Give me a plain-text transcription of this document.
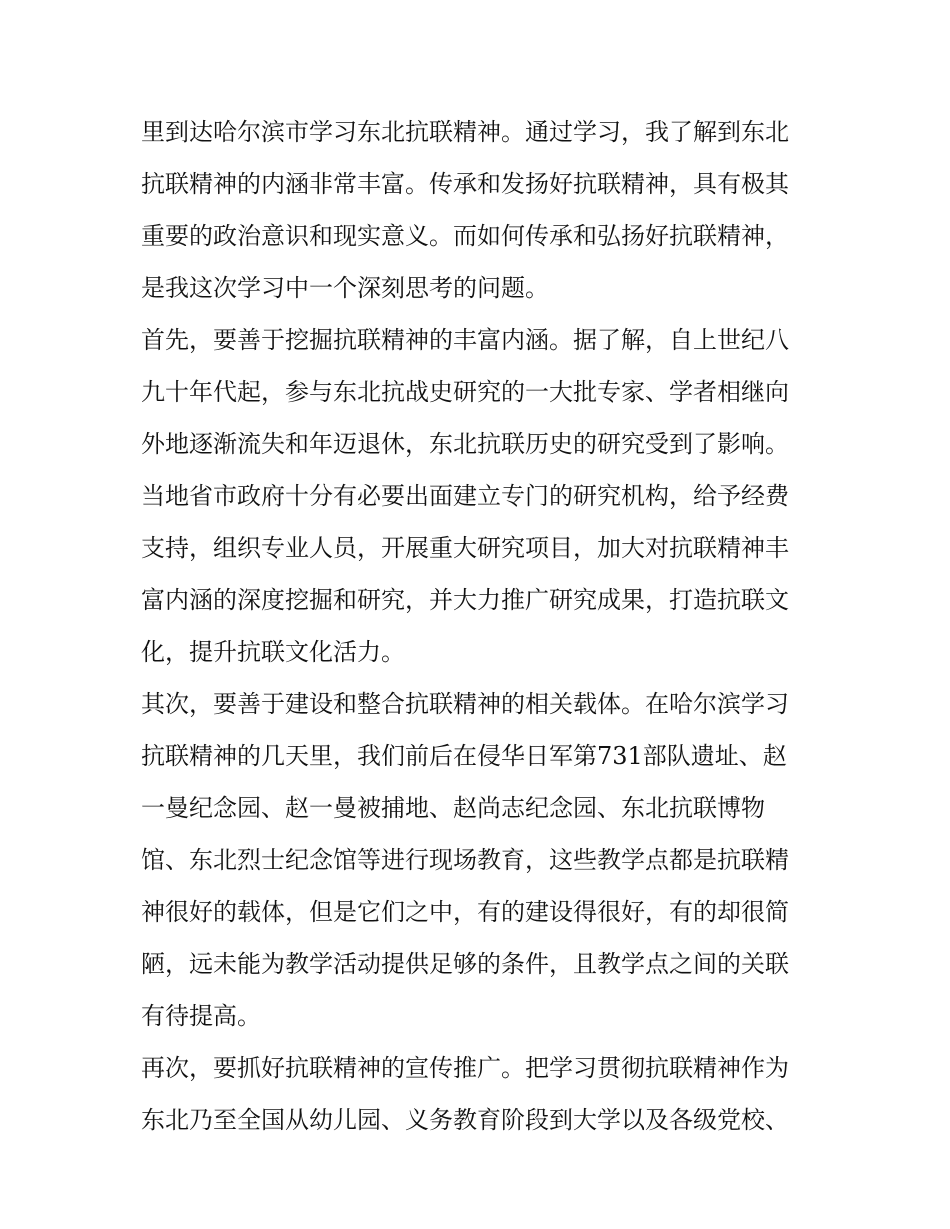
里到达哈尔滨市学习东北抗联精神。通过学习，我了解到东北
抗联精神的内涵非常丰富。传承和发扬好抗联精神，具有极其
重要的政治意识和现实意义。而如何传承和弘扬好抗联精神，
是我这次学习中一个深刻思考的问题。
首先，要善于挖掘抗联精神的丰富内涵。据了解，自上世纪八
九十年代起，参与东北抗战史研究的一大批专家、学者相继向
外地逐渐流失和年迈退休，东北抗联历史的研究受到了影响。
当地省市政府十分有必要出面建立专门的研究机构，给予经费
支持，组织专业人员，开展重大研究项目，加大对抗联精神丰
富内涵的深度挖掘和研究，并大力推广研究成果，打造抗联文
化，提升抗联文化活力。
其次，要善于建设和整合抗联精神的相关载体。在哈尔滨学习
抗联精神的几天里，我们前后在侵华日军第731部队遗址、赵
一曼纪念园、赵一曼被捕地、赵尚志纪念园、东北抗联博物
馆、东北烈士纪念馆等进行现场教育，这些教学点都是抗联精
神很好的载体，但是它们之中，有的建设得很好，有的却很简
陋，远未能为教学活动提供足够的条件，且教学点之间的关联
有待提高。
再次，要抓好抗联精神的宣传推广。把学习贯彻抗联精神作为
东北乃至全国从幼儿园、义务教育阶段到大学以及各级党校、
